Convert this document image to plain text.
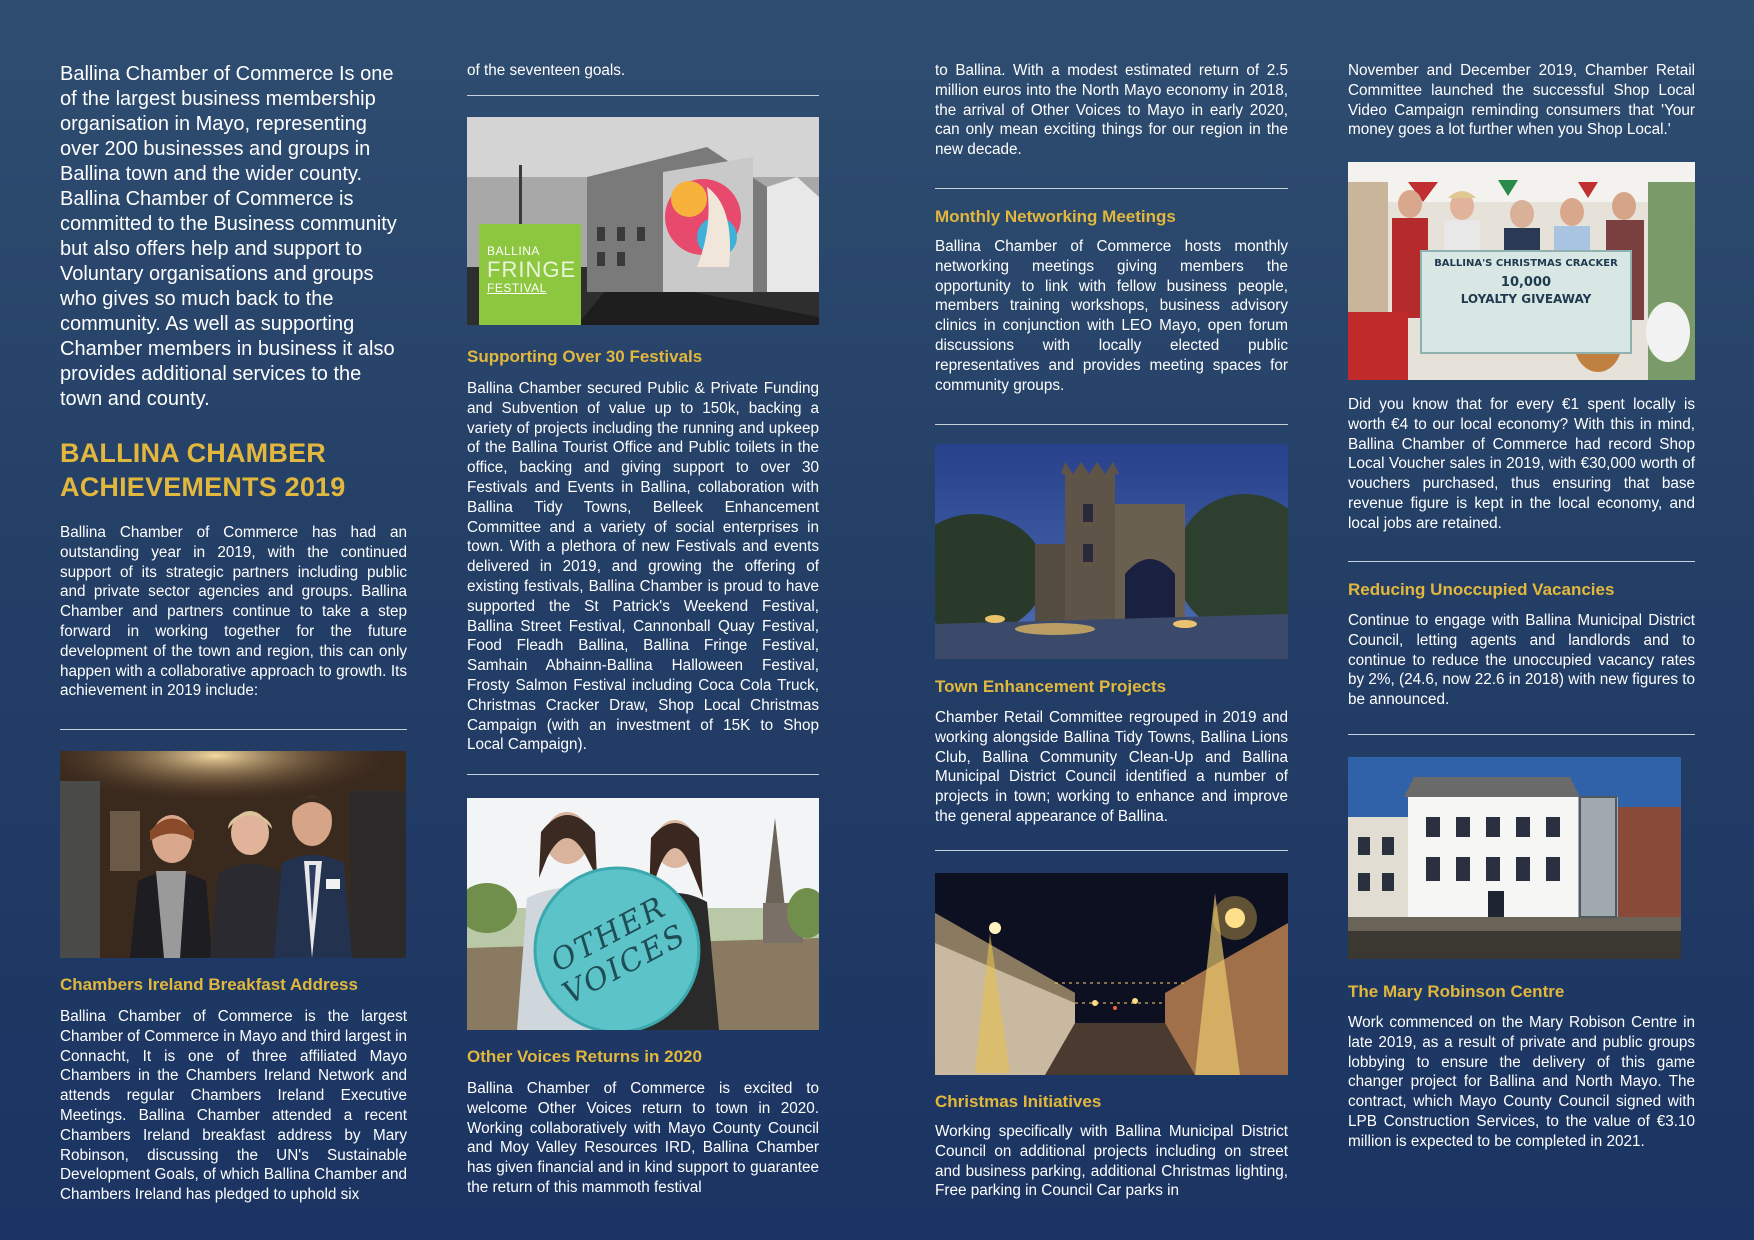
Ballina Chamber of Commerce Is one of the largest business membership organisation in Mayo, representing over 200 businesses and groups in Ballina town and the wider county. Ballina Chamber of Commerce is committed to the Business community but also offers help and support to Voluntary organisations and groups who gives so much back to the community. As well as supporting Chamber members in business it also provides additional services to the town and county.

BALLINA CHAMBER
ACHIEVEMENTS 2019

Ballina Chamber of Commerce has had an outstanding year in 2019, with the continued support of its strategic partners including public and private sector agencies and groups. Ballina Chamber and partners continue to take a step forward in working together for the future development of the town and region, this can only happen with a collaborative approach to growth. Its achievement in 2019 include:

Chambers Ireland Breakfast Address

Ballina Chamber of Commerce is the largest Chamber of Commerce in Mayo and third largest in Connacht, It is one of three affiliated Mayo Chambers in the Chambers Ireland Network and attends regular Chambers Ireland Executive Meetings. Ballina Chamber attended a recent Chambers Ireland breakfast address by Mary Robinson, discussing the UN's Sustainable Development Goals, of which Ballina Chamber and Chambers Ireland has pledged to uphold six

of the seventeen goals.

BALLINA
FRINGE
FESTIVAL
Supporting Over 30 Festivals

Ballina Chamber secured Public & Private Funding and Subvention of value up to 150k, backing a variety of projects including the running and upkeep of the Ballina Tourist Office and Public toilets in the office, backing and giving support to over 30 Festivals and Events in Ballina, collaboration with Ballina Tidy Towns, Belleek Enhancement Committee and a variety of social enterprises in town. With a plethora of new Festivals and events delivered in 2019, and growing the offering of existing festivals, Ballina Chamber is proud to have supported the St Patrick's Weekend Festival, Ballina Street Festival, Cannonball Quay Festival, Food Fleadh Ballina, Ballina Fringe Festival, Samhain Abhainn-Ballina Halloween Festival, Frosty Salmon Festival including Coca Cola Truck, Christmas Cracker Draw, Shop Local Christmas Campaign (with an investment of 15K to Shop Local Campaign).

OTHER VOICES
Other Voices Returns in 2020

Ballina Chamber of Commerce is excited to welcome Other Voices return to town in 2020. Working collaboratively with Mayo County Council and Moy Valley Resources IRD, Ballina Chamber has given financial and in kind support to guarantee the return of this mammoth festival

to Ballina. With a modest estimated return of 2.5 million euros into the North Mayo economy in 2018, the arrival of Other Voices to Mayo in early 2020, can only mean exciting things for our region in the new decade.

Monthly Networking Meetings

Ballina Chamber of Commerce hosts monthly networking meetings giving members the opportunity to link with fellow business people, members training workshops, business advisory clinics in conjunction with LEO Mayo, open forum discussions with locally elected public representatives and provides meeting spaces for community groups.

Town Enhancement Projects

Chamber Retail Committee regrouped in 2019 and working alongside Ballina Tidy Towns, Ballina Lions Club, Ballina Community Clean-Up and Ballina Municipal District Council identified a number of projects in town; working to enhance and improve the general appearance of Ballina.

Christmas Initiatives

Working specifically with Ballina Municipal District Council on additional projects including on street and business parking, additional Christmas lighting, Free parking in Council Car parks in

November and December 2019, Chamber Retail Committee launched the successful Shop Local Video Campaign reminding consumers that 'Your money goes a lot further when you Shop Local.'

BALLINA'S CHRISTMAS CRACKER
10,000
LOYALTY GIVEAWAY

Did you know that for every €1 spent locally is worth €4 to our local economy? With this in mind, Ballina Chamber of Commerce had record Shop Local Voucher sales in 2019, with €30,000 worth of vouchers purchased, thus ensuring that base revenue figure is kept in the local economy, and local jobs are retained.

Reducing Unoccupied Vacancies

Continue to engage with Ballina Municipal District Council, letting agents and landlords and to continue to reduce the unoccupied vacancy rates by 2%, (24.6, now 22.6 in 2018) with new figures to be announced.

The Mary Robinson Centre

Work commenced on the Mary Robison Centre in late 2019, as a result of private and public groups lobbying to ensure the delivery of this game changer project for Ballina and North Mayo. The contract, which Mayo County Council signed with LPB Construction Services, to the value of €3.10 million is expected to be completed in 2021.
